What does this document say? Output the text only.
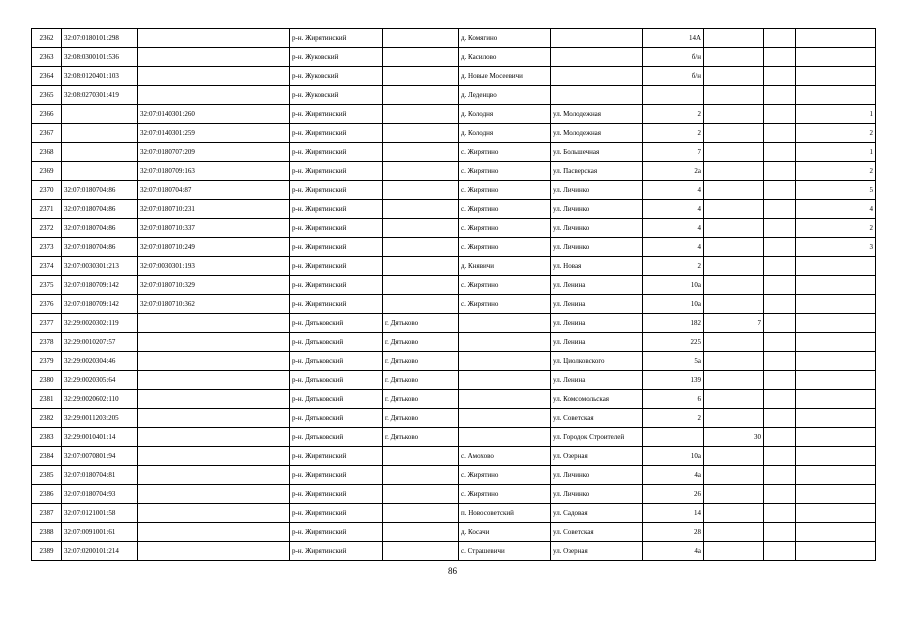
2362	32:07:0180101:298		р-н. Жирятинский		д. Комягино		14А			
2363	32:08:0300101:536		р-н. Жуковский		д. Касилово		б/н			
2364	32:08:0120401:103		р-н. Жуковский		д. Новые Мосеевичи		б/н			
2365	32:08:0270301:419		р-н. Жуковский		д. Леденцво					
2366		32:07:0140301:260	р-н. Жирятинский		д. Колодня	ул. Молодежная	2			1
2367		32:07:0140301:259	р-н. Жирятинский		д. Колодня	ул. Молодежная	2			2
2368		32:07:0180707:209	р-н. Жирятинский		с. Жирятино	ул. Большечная	7			1
2369		32:07:0180709:163	р-н. Жирятинский		с. Жирятино	ул. Пасверская	2а			2
2370	32:07:0180704:86	32:07:0180704:87	р-н. Жирятинский		с. Жирятино	ул. Личинко	4			5
2371	32:07:0180704:86	32:07:0180710:231	р-н. Жирятинский		с. Жирятино	ул. Личинко	4			4
2372	32:07:0180704:86	32:07:0180710:337	р-н. Жирятинский		с. Жирятино	ул. Личинко	4			2
2373	32:07:0180704:86	32:07:0180710:249	р-н. Жирятинский		с. Жирятино	ул. Личинко	4			3
2374	32:07:0030301:213	32:07:0030301:193	р-н. Жирятинский		д. Княвичи	ул. Новая	2			
2375	32:07:0180709:142	32:07:0180710:329	р-н. Жирятинский		с. Жирятино	ул. Ленина	10а			
2376	32:07:0180709:142	32:07:0180710:362	р-н. Жирятинский		с. Жирятино	ул. Ленина	10а			
2377	32:29:0020302:119		р-н. Дятьковский	г. Дятьково		ул. Ленина	182	7		
2378	32:29:0010207:57		р-н. Дятьковский	г. Дятьково		ул. Ленина	225			
2379	32:29:0020304:46		р-н. Дятьковский	г. Дятьково		ул. Циолковского	5а			
2380	32:29:0020305:64		р-н. Дятьковский	г. Дятьково		ул. Ленина	139			
2381	32:29:0020602:110		р-н. Дятьковский	г. Дятьково		ул. Комсомольская	6			
2382	32:29:0011203:205		р-н. Дятьковский	г. Дятьково		ул. Советская	2			
2383	32:29:0010401:14		р-н. Дятьковский	г. Дятьково		ул. Городок Строителей		30		
2384	32:07:0070801:94		р-н. Жирятинский		с. Амохово	ул. Озерная	10а			
2385	32:07:0180704:81		р-н. Жирятинский		с. Жирятино	ул. Личинко	4а			
2386	32:07:0180704:93		р-н. Жирятинский		с. Жирятино	ул. Личинко	26			
2387	32:07:0121001:58		р-н. Жирятинский		п. Новосоветский	ул. Садовая	14			
2388	32:07:0091001:61		р-н. Жирятинский		д. Косачи	ул. Советская	28			
2389	32:07:0200101:214		р-н. Жирятинский		с. Страшевичи	ул. Озерная	4а			
86
